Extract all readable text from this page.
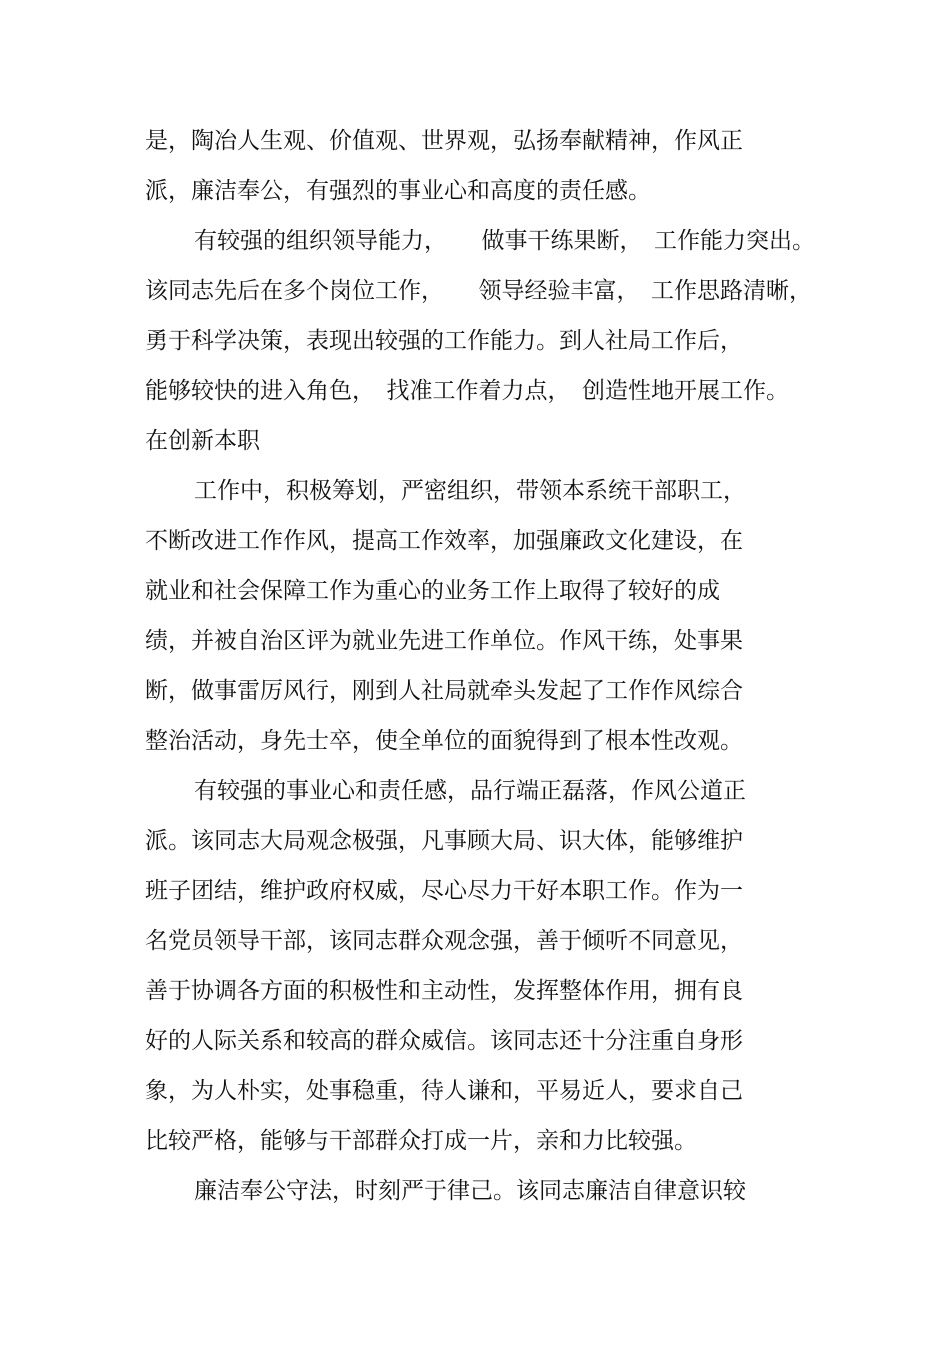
是，陶冶人生观、价值观、世界观，弘扬奉献精神，作风正
派，廉洁奉公，有强烈的事业心和高度的责任感。
有较强的组织领导能力，　　做事干练果断，　工作能力突出。
该同志先后在多个岗位工作，　　领导经验丰富，　工作思路清晰，
勇于科学决策，表现出较强的工作能力。到人社局工作后，
能够较快的进入角色，　找准工作着力点，　创造性地开展工作。
在创新本职
工作中，积极筹划，严密组织，带领本系统干部职工，
不断改进工作作风，提高工作效率，加强廉政文化建设，在
就业和社会保障工作为重心的业务工作上取得了较好的成
绩，并被自治区评为就业先进工作单位。作风干练，处事果
断，做事雷厉风行，刚到人社局就牵头发起了工作作风综合
整治活动，身先士卒，使全单位的面貌得到了根本性改观。
有较强的事业心和责任感，品行端正磊落，作风公道正
派。该同志大局观念极强，凡事顾大局、识大体，能够维护
班子团结，维护政府权威，尽心尽力干好本职工作。作为一
名党员领导干部，该同志群众观念强，善于倾听不同意见，
善于协调各方面的积极性和主动性，发挥整体作用，拥有良
好的人际关系和较高的群众威信。该同志还十分注重自身形
象，为人朴实，处事稳重，待人谦和，平易近人，要求自己
比较严格，能够与干部群众打成一片，亲和力比较强。
廉洁奉公守法，时刻严于律己。该同志廉洁自律意识较
